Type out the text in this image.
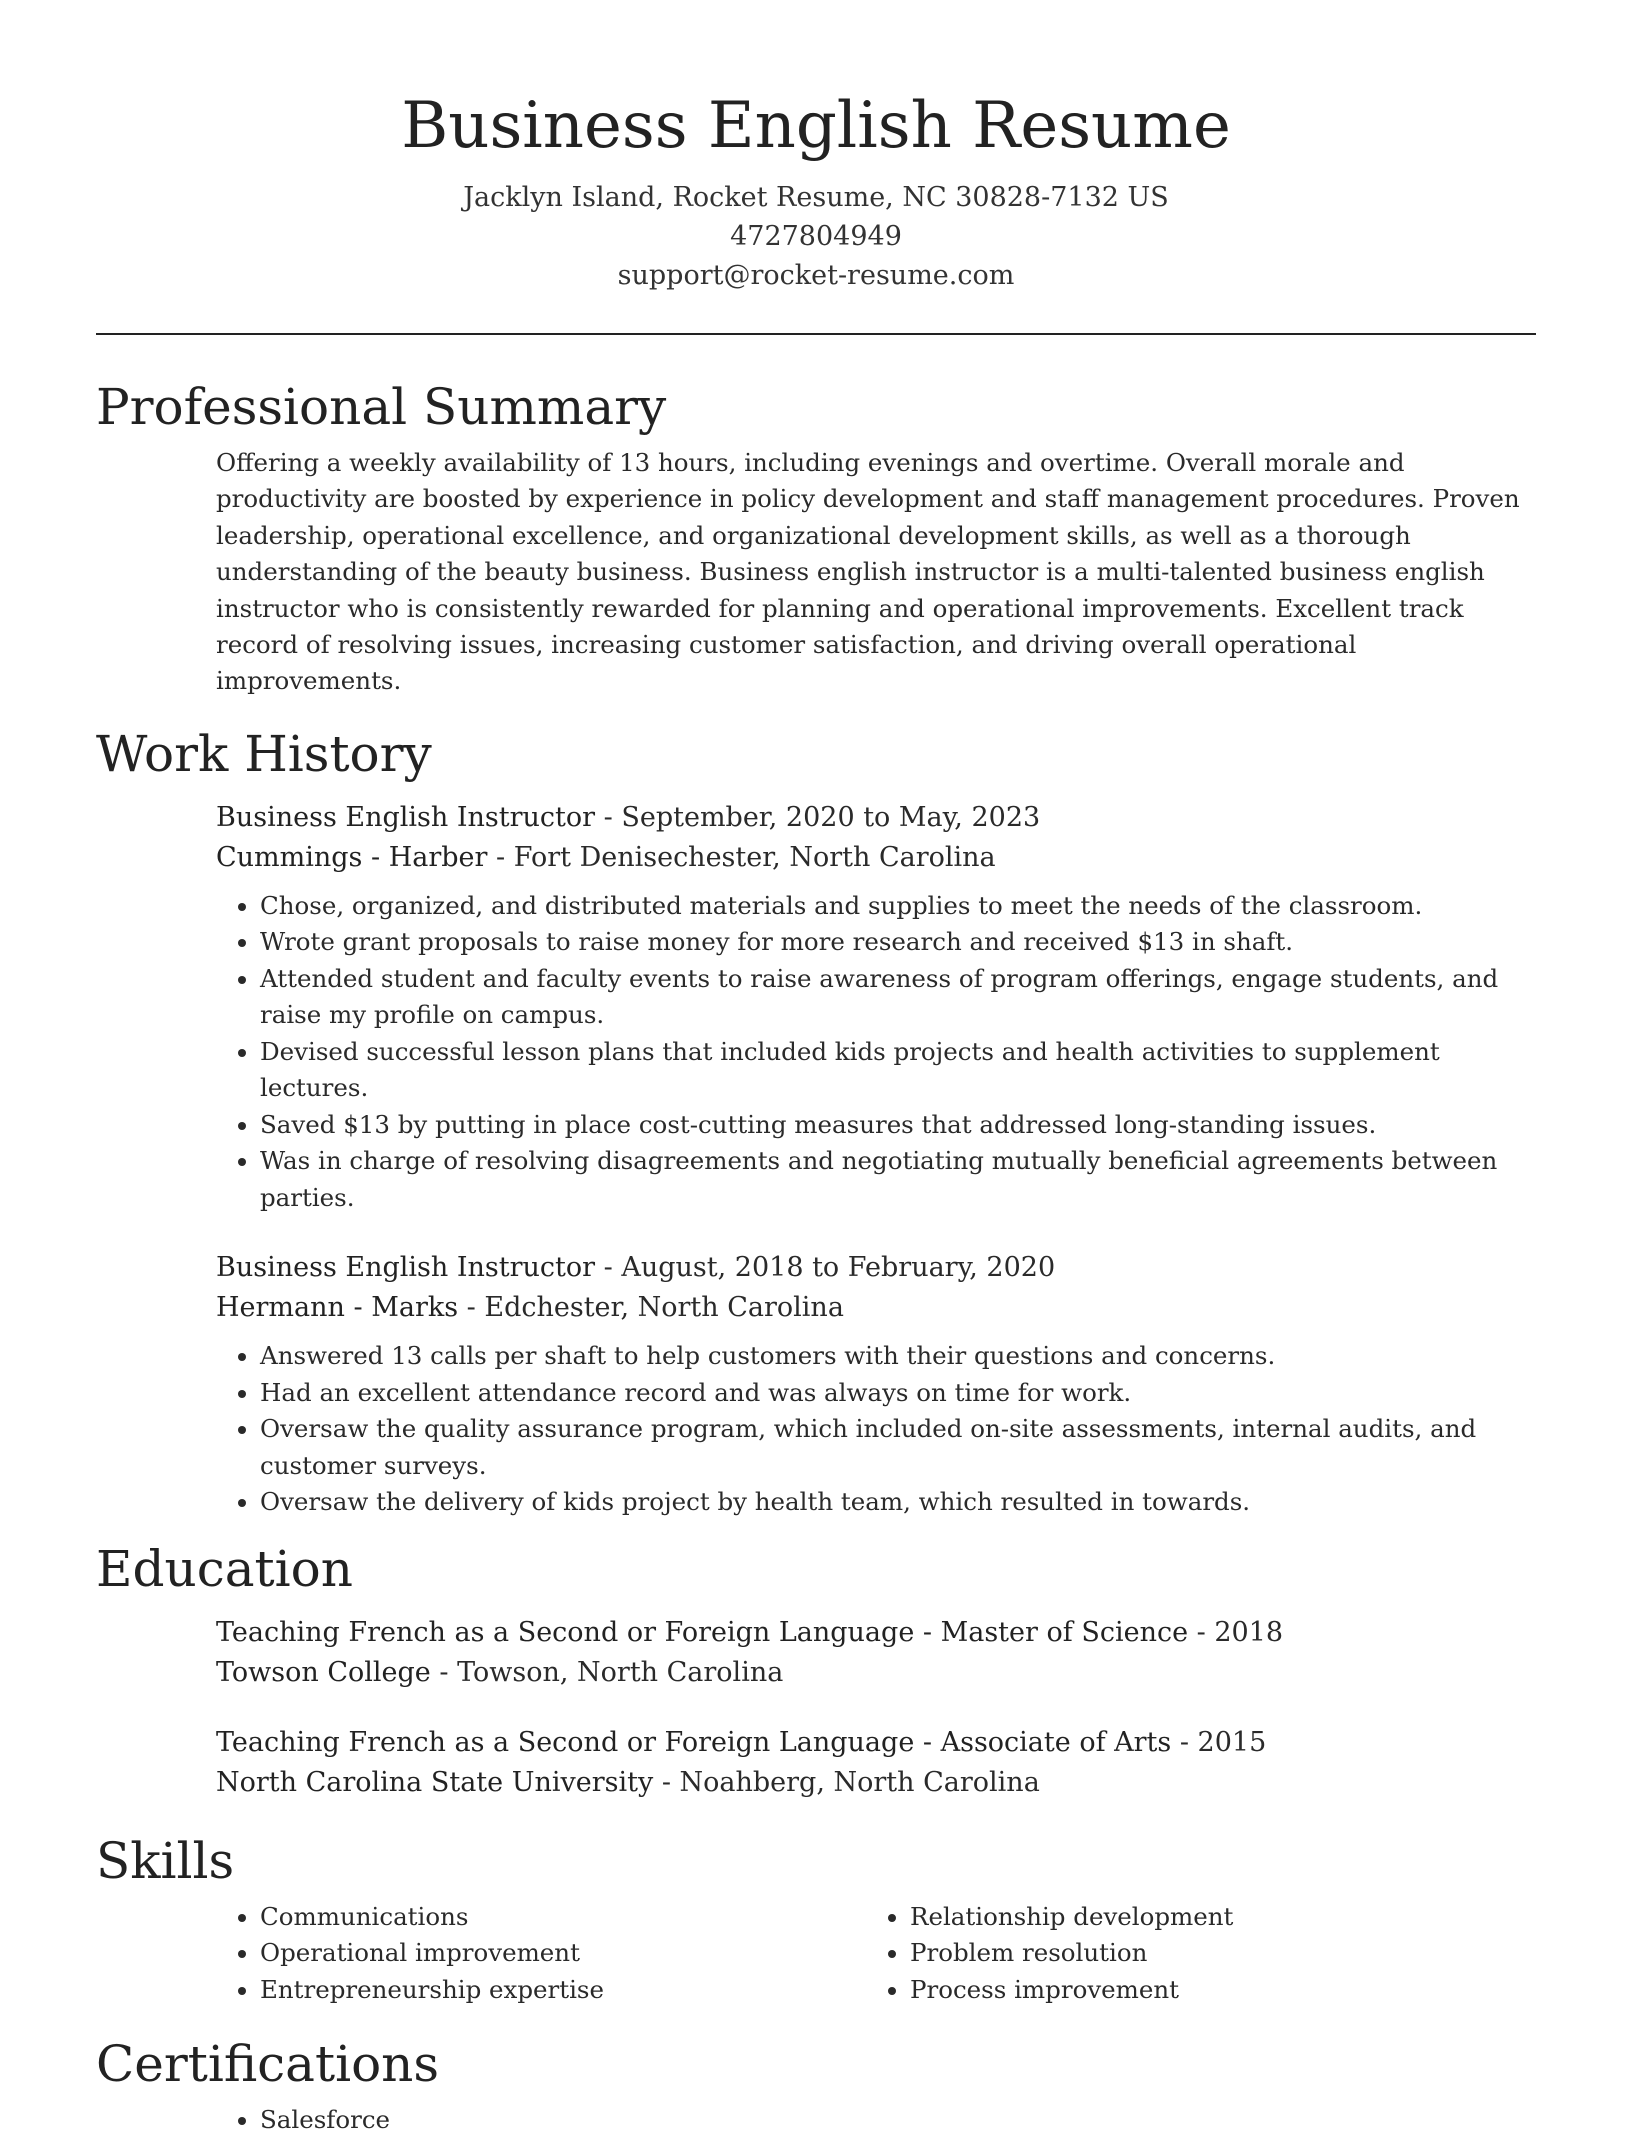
Business English Resume

Jacklyn Island, Rocket Resume, NC 30828-7132 US

4727804949

support@rocket-resume.com

Professional Summary

Offering a weekly availability of 13 hours, including evenings and overtime. Overall morale and productivity are boosted by experience in policy development and staff management procedures. Proven leadership, operational excellence, and organizational development skills, as well as a thorough understanding of the beauty business. Business english instructor is a multi-talented business english instructor who is consistently rewarded for planning and operational improvements. Excellent track record of resolving issues, increasing customer satisfaction, and driving overall operational improvements.

Work History

Business English Instructor - September, 2020 to May, 2023

Cummings - Harber - Fort Denisechester, North Carolina

• Chose, organized, and distributed materials and supplies to meet the needs of the classroom.
• Wrote grant proposals to raise money for more research and received $13 in shaft.
• Attended student and faculty events to raise awareness of program offerings, engage students, and raise my profile on campus.
• Devised successful lesson plans that included kids projects and health activities to supplement lectures.
• Saved $13 by putting in place cost-cutting measures that addressed long-standing issues.
• Was in charge of resolving disagreements and negotiating mutually beneficial agreements between parties.

Business English Instructor - August, 2018 to February, 2020

Hermann - Marks - Edchester, North Carolina

• Answered 13 calls per shaft to help customers with their questions and concerns.
• Had an excellent attendance record and was always on time for work.
• Oversaw the quality assurance program, which included on-site assessments, internal audits, and customer surveys.
• Oversaw the delivery of kids project by health team, which resulted in towards.
Education

Teaching French as a Second or Foreign Language - Master of Science - 2018

Towson College - Towson, North Carolina

Teaching French as a Second or Foreign Language - Associate of Arts - 2015

North Carolina State University - Noahberg, North Carolina

Skills
• Communications
• Operational improvement
• Entrepreneurship expertise
• Relationship development
• Problem resolution
• Process improvement
Certifications
• Salesforce
